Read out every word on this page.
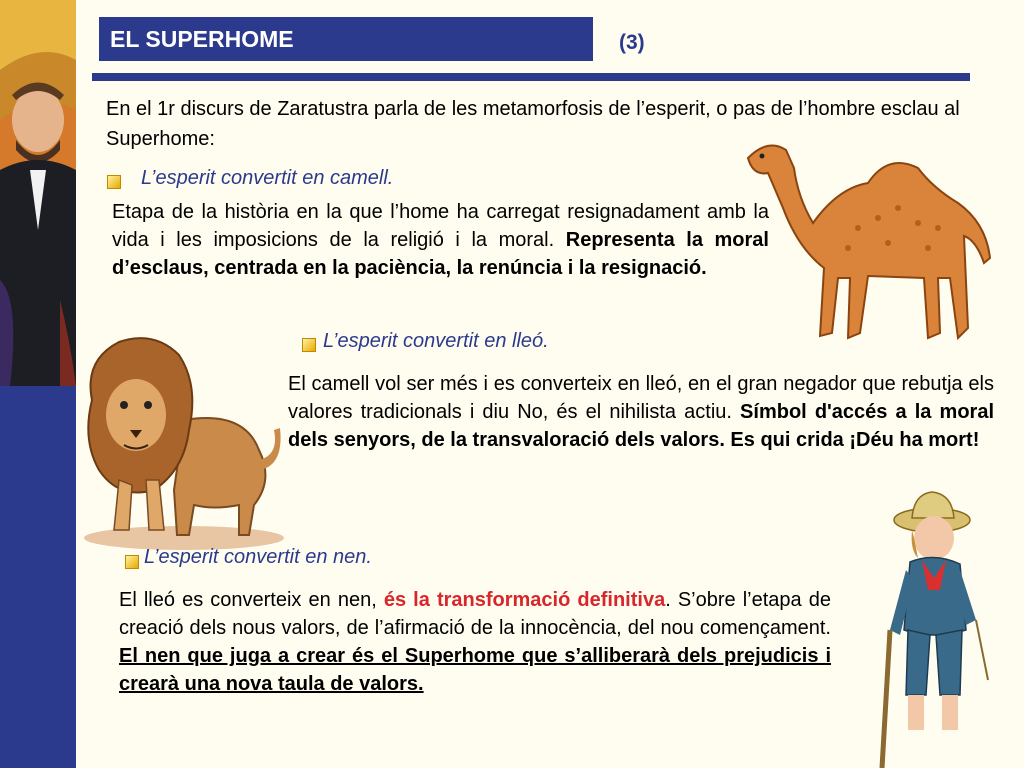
EL SUPERHOME	(3)
En el 1r discurs de Zaratustra parla de les metamorfosis de l’esperit, o pas de l’hombre esclau al Superhome:
L’esperit convertit en camell.
Etapa de la història en la que l’home ha carregat resignadament amb la vida i les imposicions de la religió i la moral. Representa la moral d’esclaus, centrada en la paciència, la renúncia i la resignació.
L’esperit convertit en lleó.
El camell vol ser més i es converteix en lleó, en el gran negador que rebutja els valores tradicionals i diu No, és el nihilista actiu. Símbol d'accés a la moral dels senyors, de la transvaloració dels valors. Es qui crida ¡Déu ha mort!
L’esperit convertit en nen.
El lleó es converteix en nen, és la transformació definitiva. S’obre l’etapa de creació dels nous valors, de l’afirmació de la innocència, del nou començament. El nen que juga a crear és el Superhome que s’alliberarà dels prejudicis i crearà una nova taula de valors.
